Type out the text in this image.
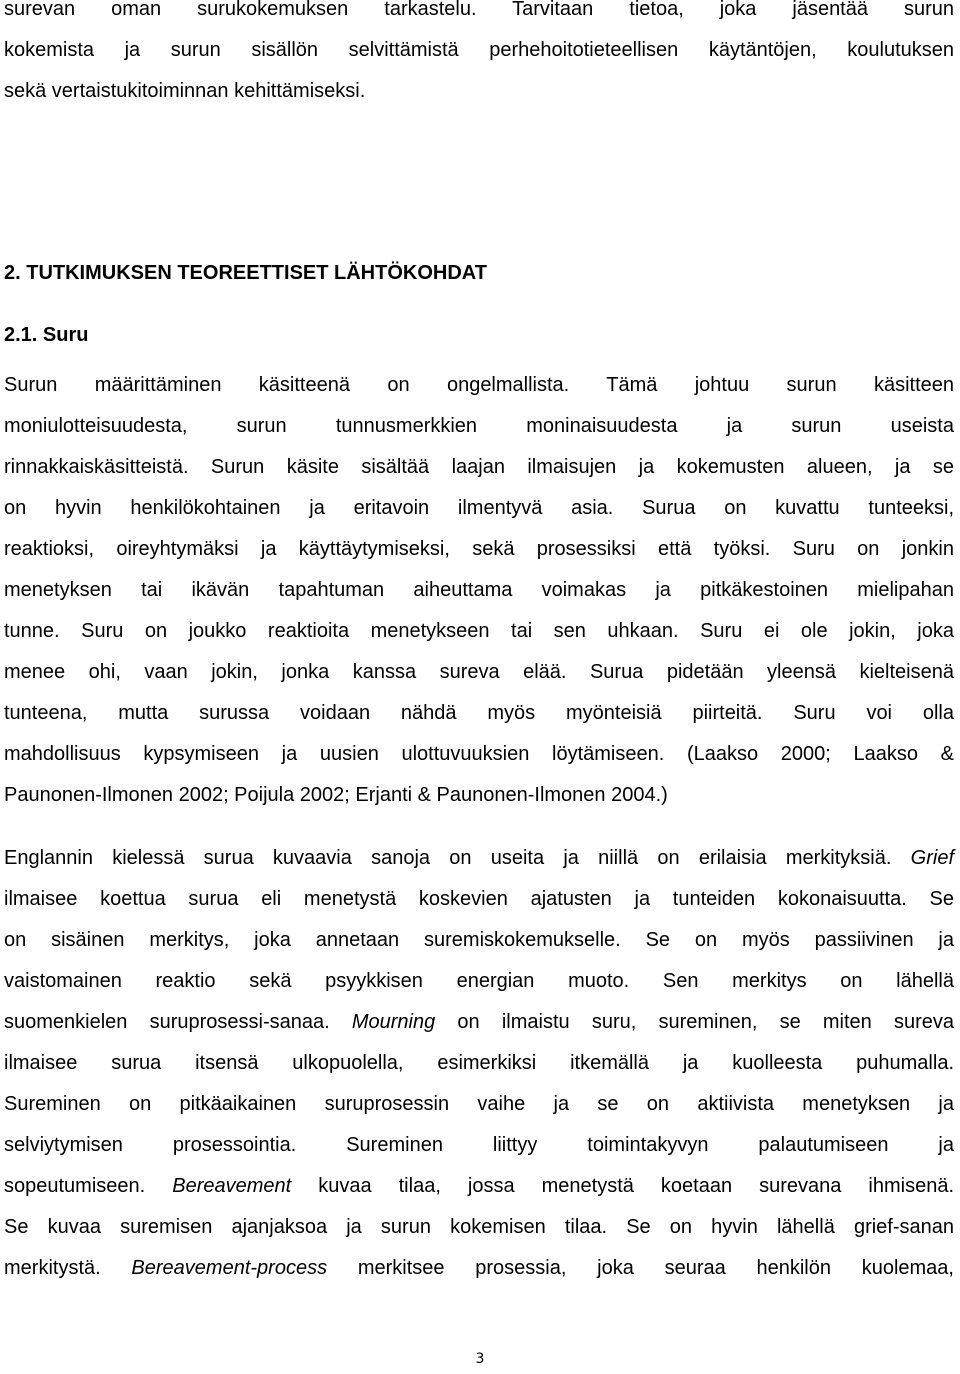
surevan oman surukokemuksen tarkastelu. Tarvitaan tietoa, joka jäsentää surun
kokemista ja surun sisällön selvittämistä perhehoitotieteellisen käytäntöjen, koulutuksen
sekä vertaistukitoiminnan kehittämiseksi.

2. TUTKIMUKSEN TEOREETTISET LÄHTÖKOHDAT
2.1. Suru

Surun määrittäminen käsitteenä on ongelmallista. Tämä johtuu surun käsitteen
moniulotteisuudesta, surun tunnusmerkkien moninaisuudesta ja surun useista
rinnakkaiskäsitteistä. Surun käsite sisältää laajan ilmaisujen ja kokemusten alueen, ja se
on hyvin henkilökohtainen ja eritavoin ilmentyvä asia. Surua on kuvattu tunteeksi,
reaktioksi, oireyhtymäksi ja käyttäytymiseksi, sekä prosessiksi että työksi. Suru on jonkin
menetyksen tai ikävän tapahtuman aiheuttama voimakas ja pitkäkestoinen mielipahan
tunne. Suru on joukko reaktioita menetykseen tai sen uhkaan. Suru ei ole jokin, joka
menee ohi, vaan jokin, jonka kanssa sureva elää. Surua pidetään yleensä kielteisenä
tunteena, mutta surussa voidaan nähdä myös myönteisiä piirteitä. Suru voi olla
mahdollisuus kypsymiseen ja uusien ulottuvuuksien löytämiseen. (Laakso 2000; Laakso &
Paunonen-Ilmonen 2002; Poijula 2002; Erjanti & Paunonen-Ilmonen 2004.)

Englannin kielessä surua kuvaavia sanoja on useita ja niillä on erilaisia merkityksiä. Grief
ilmaisee koettua surua eli menetystä koskevien ajatusten ja tunteiden kokonaisuutta. Se
on sisäinen merkitys, joka annetaan suremiskokemukselle. Se on myös passiivinen ja
vaistomainen reaktio sekä psyykkisen energian muoto. Sen merkitys on lähellä
suomenkielen suruprosessi-sanaa. Mourning on ilmaistu suru, sureminen, se miten sureva
ilmaisee surua itsensä ulkopuolella, esimerkiksi itkemällä ja kuolleesta puhumalla.
Sureminen on pitkäaikainen suruprosessin vaihe ja se on aktiivista menetyksen ja
selviytymisen prosessointia. Sureminen liittyy toimintakyvyn palautumiseen ja
sopeutumiseen. Bereavement kuvaa tilaa, jossa menetystä koetaan surevana ihmisenä.
Se kuvaa suremisen ajanjaksoa ja surun kokemisen tilaa. Se on hyvin lähellä grief-sanan
merkitystä. Bereavement-process merkitsee prosessia, joka seuraa henkilön kuolemaa,

3
